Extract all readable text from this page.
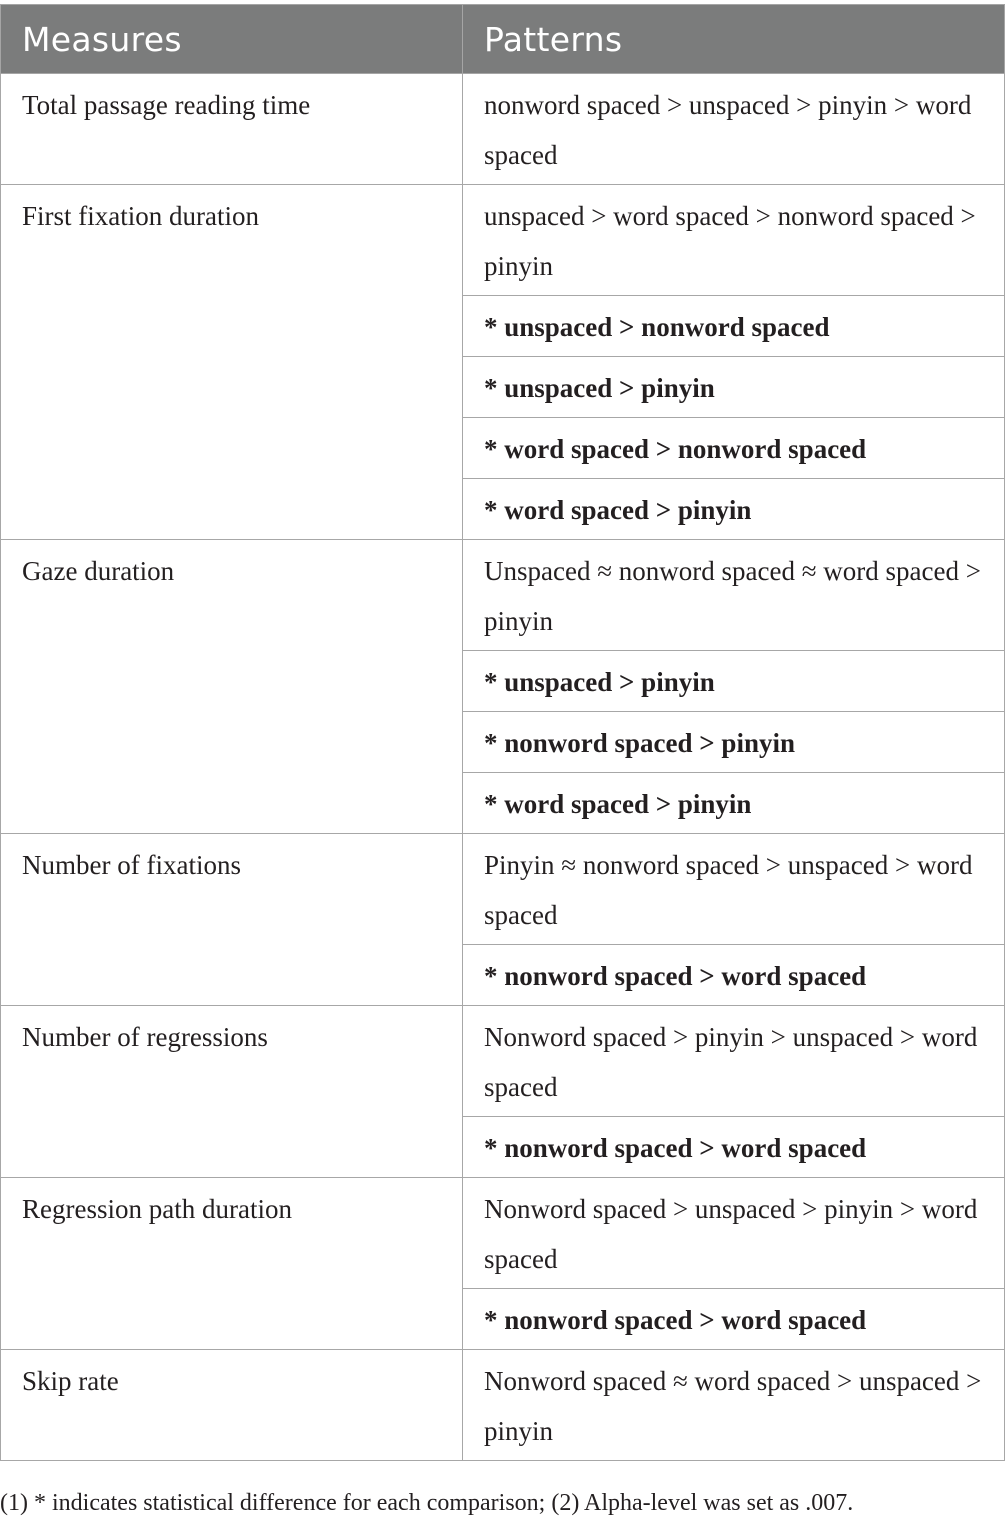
Measures	Patterns
Total passage reading time	nonword spaced > unspaced > pinyin > word spaced
First fixation duration	unspaced > word spaced > nonword spaced > pinyin
	* unspaced > nonword spaced
	* unspaced > pinyin
	* word spaced > nonword spaced
	* word spaced > pinyin
Gaze duration	Unspaced ≈ nonword spaced ≈ word spaced > pinyin
	* unspaced > pinyin
	* nonword spaced > pinyin
	* word spaced > pinyin
Number of fixations	Pinyin ≈ nonword spaced > unspaced > word spaced
	* nonword spaced > word spaced
Number of regressions	Nonword spaced > pinyin > unspaced > word spaced
	* nonword spaced > word spaced
Regression path duration	Nonword spaced > unspaced > pinyin > word spaced
	* nonword spaced > word spaced
Skip rate	Nonword spaced ≈ word spaced > unspaced > pinyin
(1) * indicates statistical difference for each comparison; (2) Alpha-level was set as .007.
